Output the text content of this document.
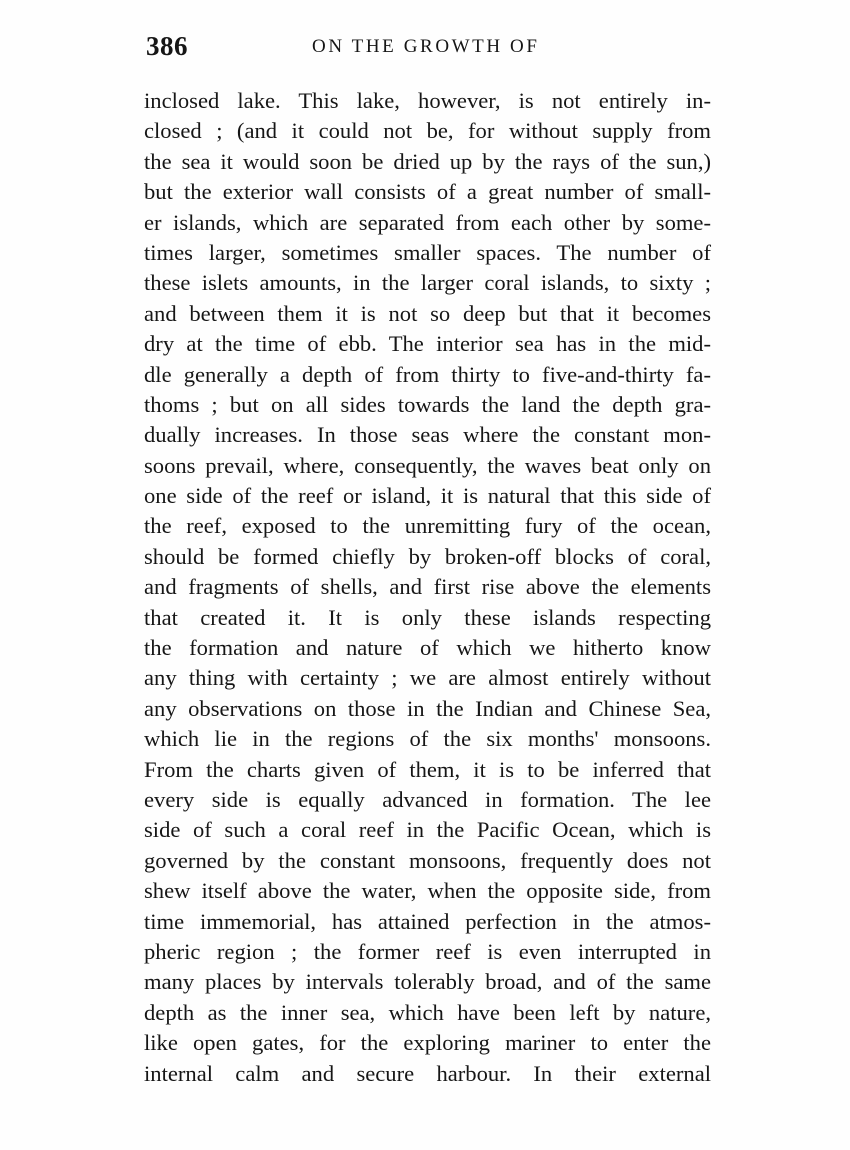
386	ON THE GROWTH OF
inclosed lake. This lake, however, is not entirely in-
closed ; (and it could not be, for without supply from
the sea it would soon be dried up by the rays of the sun,)
but the exterior wall consists of a great number of small-
er islands, which are separated from each other by some-
times larger, sometimes smaller spaces. The number of
these islets amounts, in the larger coral islands, to sixty ;
and between them it is not so deep but that it becomes
dry at the time of ebb. The interior sea has in the mid-
dle generally a depth of from thirty to five-and-thirty fa-
thoms ; but on all sides towards the land the depth gra-
dually increases. In those seas where the constant mon-
soons prevail, where, consequently, the waves beat only on
one side of the reef or island, it is natural that this side of
the reef, exposed to the unremitting fury of the ocean,
should be formed chiefly by broken-off blocks of coral,
and fragments of shells, and first rise above the elements
that created it. It is only these islands respecting
the formation and nature of which we hitherto know
any thing with certainty ; we are almost entirely without
any observations on those in the Indian and Chinese Sea,
which lie in the regions of the six months' monsoons.
From the charts given of them, it is to be inferred that
every side is equally advanced in formation. The lee
side of such a coral reef in the Pacific Ocean, which is
governed by the constant monsoons, frequently does not
shew itself above the water, when the opposite side, from
time immemorial, has attained perfection in the atmos-
pheric region ; the former reef is even interrupted in
many places by intervals tolerably broad, and of the same
depth as the inner sea, which have been left by nature,
like open gates, for the exploring mariner to enter the
internal calm and secure harbour. In their external
